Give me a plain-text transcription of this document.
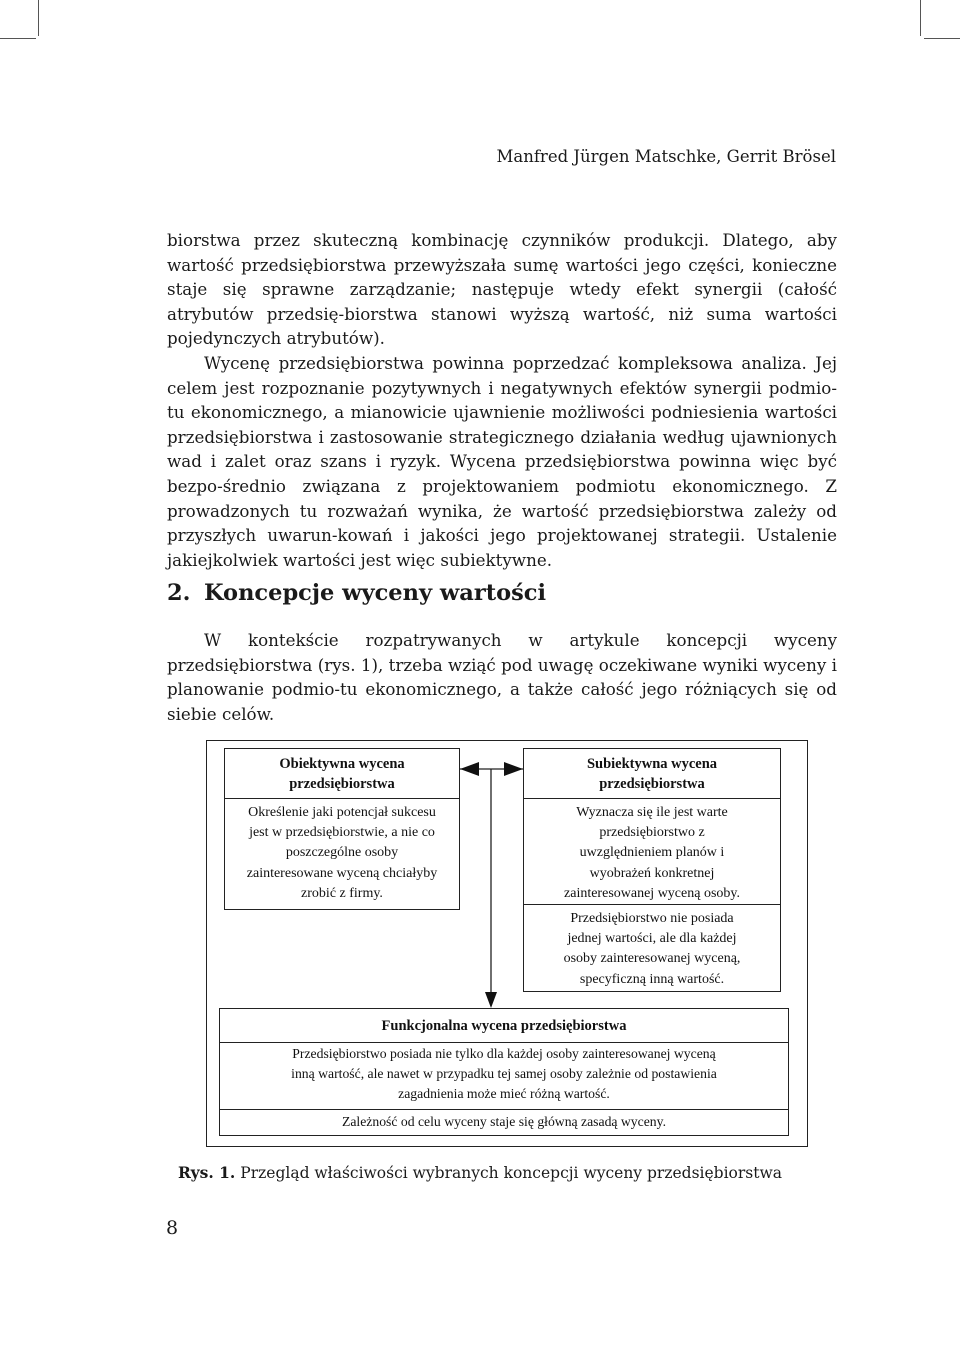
Manfred Jürgen Matschke, Gerrit Brösel

biorstwa przez skuteczną kombinację czynników produkcji. Dlatego, aby wartość przedsiębiorstwa przewyższała sumę wartości jego części, konieczne staje się sprawne zarządzanie; następuje wtedy efekt synergii (całość atrybutów przedsię-biorstwa stanowi wyższą wartość, niż suma wartości pojedynczych atrybutów).

Wycenę przedsiębiorstwa powinna poprzedzać kompleksowa analiza. Jej celem jest rozpoznanie pozytywnych i negatywnych efektów synergii podmio-tu ekonomicznego, a mianowicie ujawnienie możliwości podniesienia wartości przedsiębiorstwa i zastosowanie strategicznego działania według ujawnionych wad i zalet oraz szans i ryzyk. Wycena przedsiębiorstwa powinna więc być bezpo-średnio związana z projektowaniem podmiotu ekonomicznego. Z prowadzonych tu rozważań wynika, że wartość przedsiębiorstwa zależy od przyszłych uwarun-kowań i jakości jego projektowanej strategii. Ustalenie jakiejkolwiek wartości jest więc subiektywne.

2. Koncepcje wyceny wartości

W kontekście rozpatrywanych w artykule koncepcji wyceny przedsiębiorstwa (rys. 1), trzeba wziąć pod uwagę oczekiwane wyniki wyceny i planowanie podmio-tu ekonomicznego, a także całość jego różniących się od siebie celów.

Obiektywna wycena
przedsiębiorstwa
Określenie jaki potencjał sukcesu
jest w przedsiębiorstwie, a nie co
poszczególne osoby
zainteresowane wyceną chciałyby
zrobić z firmy.
Subiektywna wycena
przedsiębiorstwa
Wyznacza się ile jest warte
przedsiębiorstwo z
uwzględnieniem planów i
wyobrażeń konkretnej
zainteresowanej wyceną osoby.
Przedsiębiorstwo nie posiada
jednej wartości, ale dla każdej
osoby zainteresowanej wyceną,
specyficzną inną wartość.
Funkcjonalna wycena przedsiębiorstwa
Przedsiębiorstwo posiada nie tylko dla każdej osoby zainteresowanej wyceną
inną wartość, ale nawet w przypadku tej samej osoby zależnie od postawienia
zagadnienia może mieć różną wartość.
Zależność od celu wyceny staje się główną zasadą wyceny.
Rys. 1. Przegląd właściwości wybranych koncepcji wyceny przedsiębiorstwa
8
